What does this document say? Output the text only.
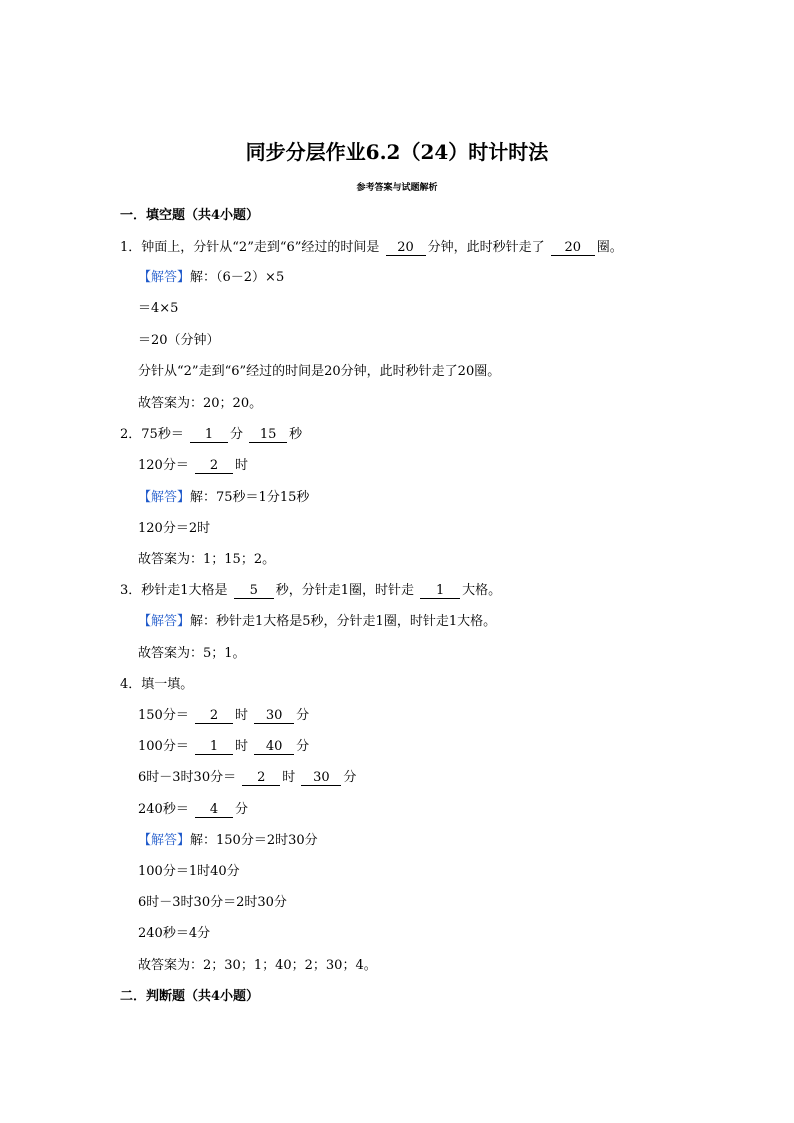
同步分层作业6.2（24）时计时法
参考答案与试题解析
一．填空题（共4小题）
1．钟面上，分针从“2”走到“6”经过的时间是 20 分钟，此时秒针走了 20 圈。
【解答】解：（6－2）×5
＝4×5
＝20（分钟）
分针从“2”走到“6”经过的时间是20分钟，此时秒针走了20圈。
故答案为：20；20。
2．75秒＝ 1 分 15 秒
120分＝ 2 时
【解答】解：75秒＝1分15秒
120分＝2时
故答案为：1；15；2。
3．秒针走1大格是 5 秒，分针走1圈，时针走 1 大格。
【解答】解：秒针走1大格是5秒，分针走1圈，时针走1大格。
故答案为：5；1。
4．填一填。
150分＝ 2 时 30 分
100分＝ 1 时 40 分
6时－3时30分＝ 2 时 30 分
240秒＝ 4 分
【解答】解：150分＝2时30分
100分＝1时40分
6时－3时30分＝2时30分
240秒＝4分
故答案为：2；30；1；40；2；30；4。
二．判断题（共4小题）
